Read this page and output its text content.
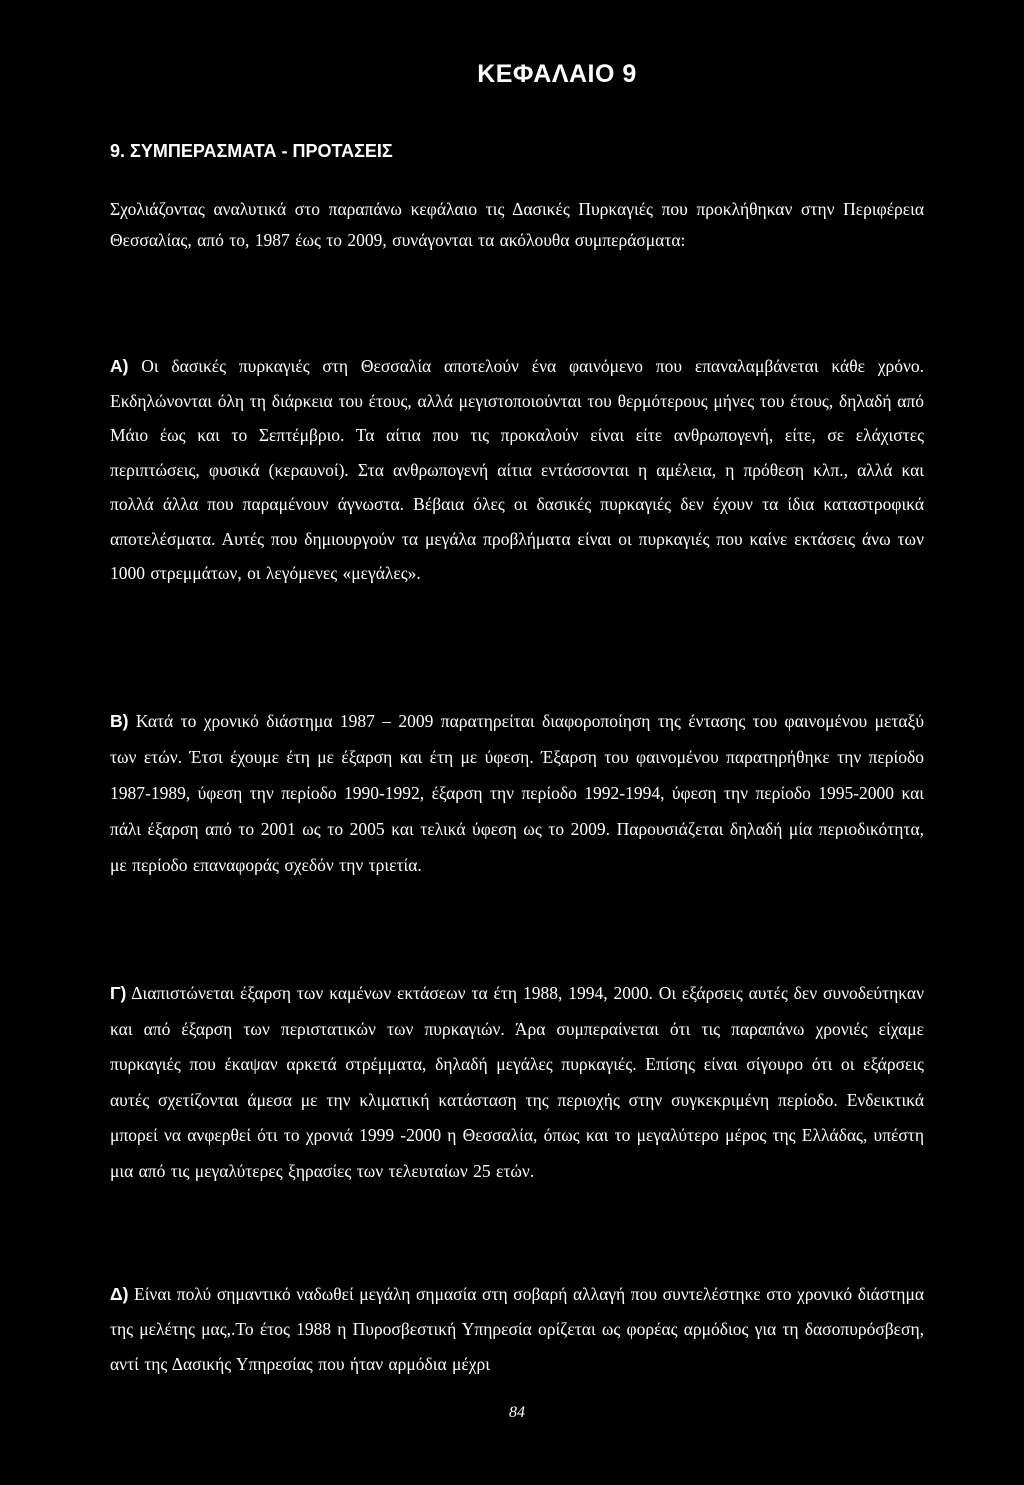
ΚΕΦΑΛΑΙΟ 9
9. ΣΥΜΠΕΡΑΣΜΑΤΑ - ΠΡΟΤΑΣΕΙΣ

Σχολιάζοντας αναλυτικά στο παραπάνω κεφάλαιο τις Δασικές Πυρκαγιές που προκλήθηκαν στην Περιφέρεια Θεσσαλίας, από το, 1987 έως το 2009, συνάγονται τα ακόλουθα συμπεράσματα:

Α) Οι δασικές πυρκαγιές στη Θεσσαλία αποτελούν ένα φαινόμενο που επαναλαμβάνεται κάθε χρόνο. Εκδηλώνονται όλη τη διάρκεια του έτους, αλλά μεγιστοποιούνται του θερμότερους μήνες του έτους, δηλαδή από Μάιο έως και το Σεπτέμβριο. Τα αίτια που τις προκαλούν είναι είτε ανθρωπογενή, είτε, σε ελάχιστες περιπτώσεις, φυσικά (κεραυνοί). Στα ανθρωπογενή αίτια εντάσσονται η αμέλεια, η πρόθεση κλπ., αλλά και πολλά άλλα που παραμένουν άγνωστα. Βέβαια όλες οι δασικές πυρκαγιές δεν έχουν τα ίδια καταστροφικά αποτελέσματα. Αυτές που δημιουργούν τα μεγάλα προβλήματα είναι οι πυρκαγιές που καίνε εκτάσεις άνω των 1000 στρεμμάτων, οι λεγόμενες «μεγάλες».

Β) Κατά το χρονικό διάστημα 1987 – 2009 παρατηρείται διαφοροποίηση της έντασης του φαινομένου μεταξύ των ετών. Έτσι έχουμε έτη με έξαρση και έτη με ύφεση. Έξαρση του φαινομένου παρατηρήθηκε την περίοδο 1987-1989, ύφεση την περίοδο 1990-1992, έξαρση την περίοδο 1992-1994, ύφεση την περίοδο 1995-2000 και πάλι έξαρση από το 2001 ως το 2005 και τελικά ύφεση ως το 2009. Παρουσιάζεται δηλαδή μία περιοδικότητα, με περίοδο επαναφοράς σχεδόν την τριετία.

Γ) Διαπιστώνεται έξαρση των καμένων εκτάσεων τα έτη 1988, 1994, 2000. Οι εξάρσεις αυτές δεν συνοδεύτηκαν και από έξαρση των περιστατικών των πυρκαγιών. Άρα συμπεραίνεται ότι τις παραπάνω χρονιές είχαμε πυρκαγιές που έκαψαν αρκετά στρέμματα, δηλαδή μεγάλες πυρκαγιές. Επίσης είναι σίγουρο ότι οι εξάρσεις αυτές σχετίζονται άμεσα με την κλιματική κατάσταση της περιοχής στην συγκεκριμένη περίοδο. Ενδεικτικά μπορεί να ανφερθεί ότι το χρονιά 1999 -2000 η Θεσσαλία, όπως και το μεγαλύτερο μέρος της Ελλάδας, υπέστη μια από τις μεγαλύτερες ξηρασίες των τελευταίων 25 ετών.

Δ) Είναι πολύ σημαντικό ναδωθεί μεγάλη σημασία στη σοβαρή αλλαγή που συντελέστηκε στο χρονικό διάστημα της μελέτης μας,.Το έτος 1988 η Πυροσβεστική Υπηρεσία ορίζεται ως φορέας αρμόδιος για τη δασοπυρόσβεση, αντί της Δασικής Υπηρεσίας που ήταν αρμόδια μέχρι

84
